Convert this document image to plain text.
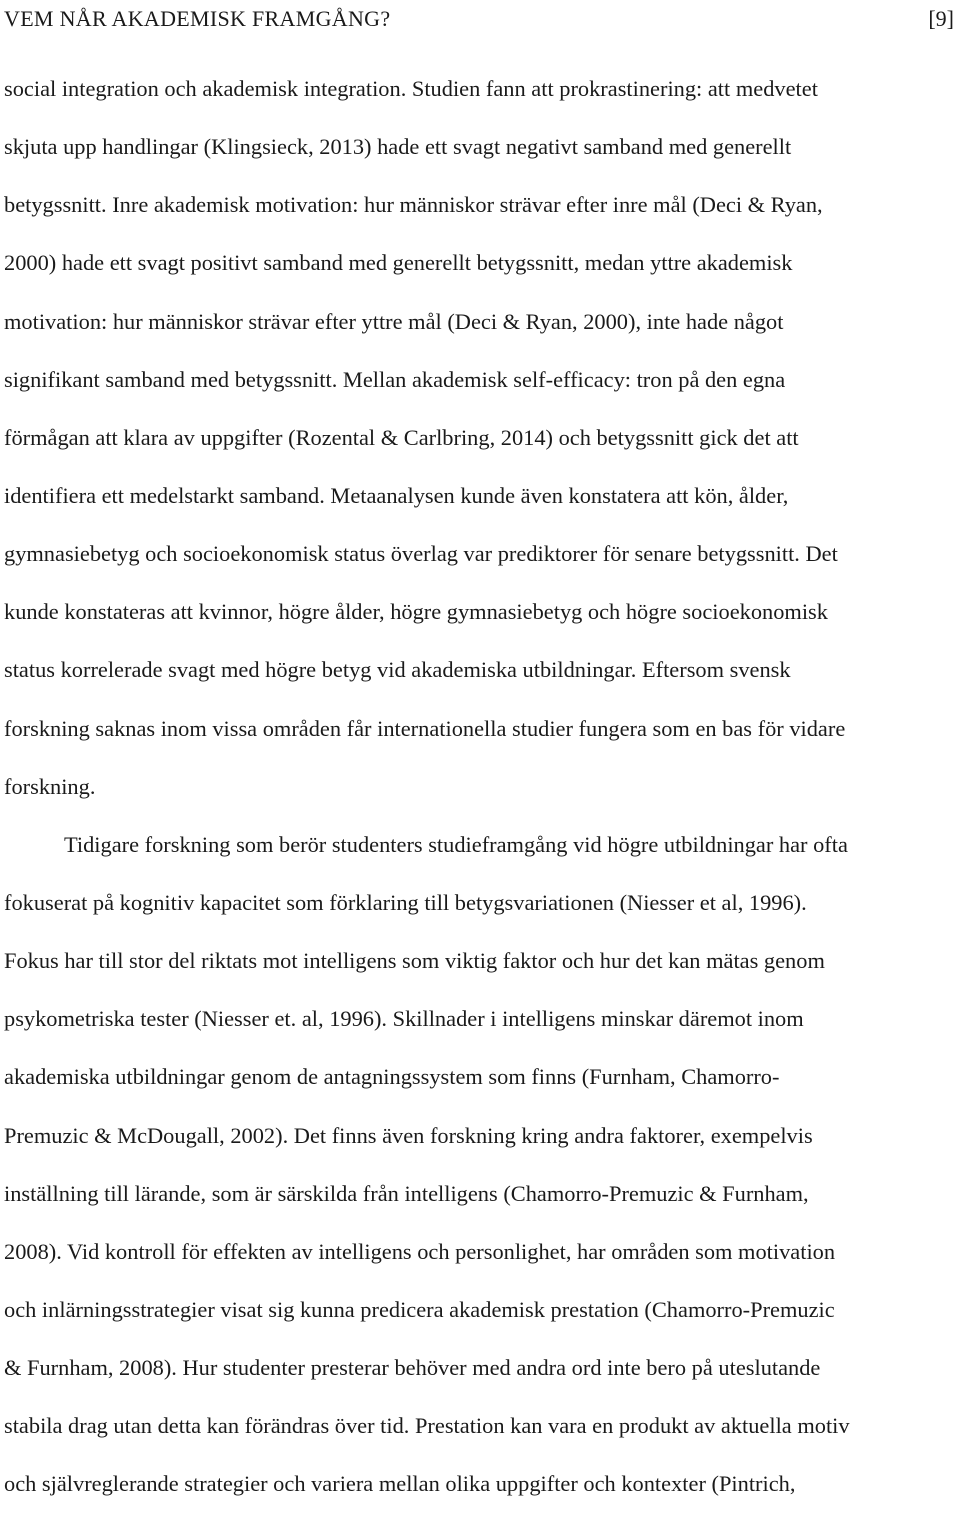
VEM NÅR AKADEMISK FRAMGÅNG?	[9]
social integration och akademisk integration. Studien fann att prokrastinering: att medvetet
skjuta upp handlingar (Klingsieck, 2013) hade ett svagt negativt samband med generellt
betygssnitt. Inre akademisk motivation: hur människor strävar efter inre mål (Deci & Ryan,
2000) hade ett svagt positivt samband med generellt betygssnitt, medan yttre akademisk
motivation: hur människor strävar efter yttre mål (Deci & Ryan, 2000), inte hade något
signifikant samband med betygssnitt. Mellan akademisk self-efficacy: tron på den egna
förmågan att klara av uppgifter (Rozental & Carlbring, 2014) och betygssnitt gick det att
identifiera ett medelstarkt samband. Metaanalysen kunde även konstatera att kön, ålder,
gymnasiebetyg och socioekonomisk status överlag var prediktorer för senare betygssnitt. Det
kunde konstateras att kvinnor, högre ålder, högre gymnasiebetyg och högre socioekonomisk
status korrelerade svagt med högre betyg vid akademiska utbildningar. Eftersom svensk
forskning saknas inom vissa områden får internationella studier fungera som en bas för vidare
forskning.
Tidigare forskning som berör studenters studieframgång vid högre utbildningar har ofta
fokuserat på kognitiv kapacitet som förklaring till betygsvariationen (Niesser et al, 1996).
Fokus har till stor del riktats mot intelligens som viktig faktor och hur det kan mätas genom
psykometriska tester (Niesser et. al, 1996). Skillnader i intelligens minskar däremot inom
akademiska utbildningar genom de antagningssystem som finns (Furnham, Chamorro-
Premuzic & McDougall, 2002). Det finns även forskning kring andra faktorer, exempelvis
inställning till lärande, som är särskilda från intelligens (Chamorro-Premuzic & Furnham,
2008). Vid kontroll för effekten av intelligens och personlighet, har områden som motivation
och inlärningsstrategier visat sig kunna predicera akademisk prestation (Chamorro-Premuzic
& Furnham, 2008). Hur studenter presterar behöver med andra ord inte bero på uteslutande
stabila drag utan detta kan förändras över tid. Prestation kan vara en produkt av aktuella motiv
och självreglerande strategier och variera mellan olika uppgifter och kontexter (Pintrich,
